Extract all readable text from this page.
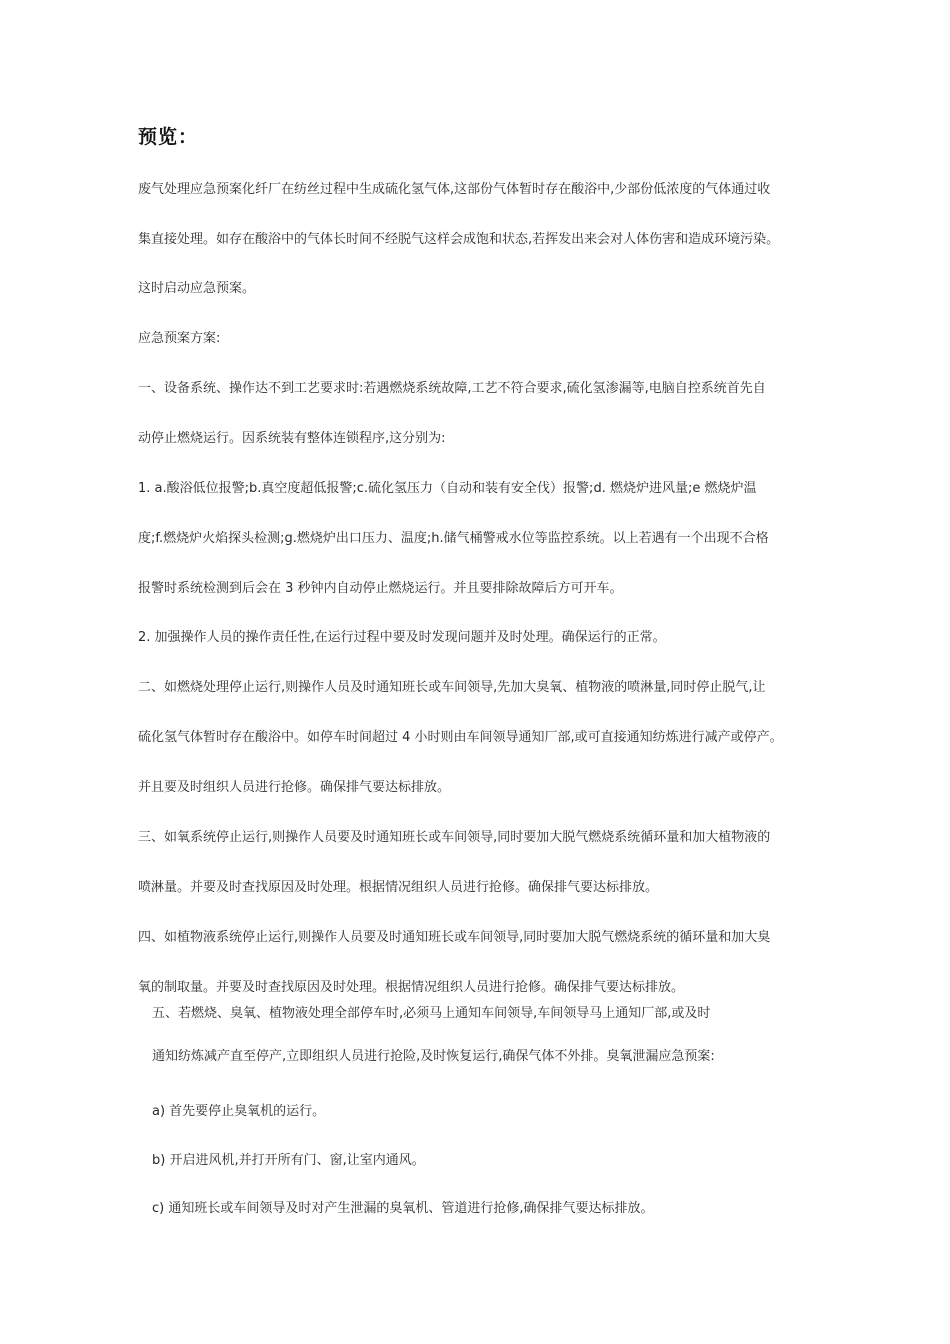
预览：
废气处理应急预案化纤厂在纺丝过程中生成硫化氢气体,这部份气体暂时存在酸浴中,少部份低浓度的气体通过收
集直接处理。如存在酸浴中的气体长时间不经脱气这样会成饱和状态,若挥发出来会对人体伤害和造成环境污染。
这时启动应急预案。
应急预案方案:
一、设备系统、操作达不到工艺要求时:若遇燃烧系统故障,工艺不符合要求,硫化氢渗漏等,电脑自控系统首先自
动停止燃烧运行。因系统装有整体连锁程序,这分别为:
1. a.酸浴低位报警;b.真空度超低报警;c.硫化氢压力（自动和装有安全伐）报警;d. 燃烧炉进风量;e 燃烧炉温
度;f.燃烧炉火焰探头检测;g.燃烧炉出口压力、温度;h.储气桶警戒水位等监控系统。以上若遇有一个出现不合格
报警时系统检测到后会在 3 秒钟内自动停止燃烧运行。并且要排除故障后方可开车。
2. 加强操作人员的操作责任性,在运行过程中要及时发现问题并及时处理。确保运行的正常。
二、如燃烧处理停止运行,则操作人员及时通知班长或车间领导,先加大臭氧、植物液的喷淋量,同时停止脱气,让
硫化氢气体暂时存在酸浴中。如停车时间超过 4 小时则由车间领导通知厂部,或可直接通知纺炼进行减产或停产。
并且要及时组织人员进行抢修。确保排气要达标排放。
三、如氧系统停止运行,则操作人员要及时通知班长或车间领导,同时要加大脱气燃烧系统循环量和加大植物液的
喷淋量。并要及时查找原因及时处理。根据情况组织人员进行抢修。确保排气要达标排放。
四、如植物液系统停止运行,则操作人员要及时通知班长或车间领导,同时要加大脱气燃烧系统的循环量和加大臭
氧的制取量。并要及时查找原因及时处理。根据情况组织人员进行抢修。确保排气要达标排放。
五、若燃烧、臭氧、植物液处理全部停车时,必须马上通知车间领导,车间领导马上通知厂部,或及时
通知纺炼减产直至停产,立即组织人员进行抢险,及时恢复运行,确保气体不外排。臭氧泄漏应急预案:
a) 首先要停止臭氧机的运行。
b) 开启进风机,并打开所有门、窗,让室内通风。
c) 通知班长或车间领导及时对产生泄漏的臭氧机、管道进行抢修,确保排气要达标排放。
